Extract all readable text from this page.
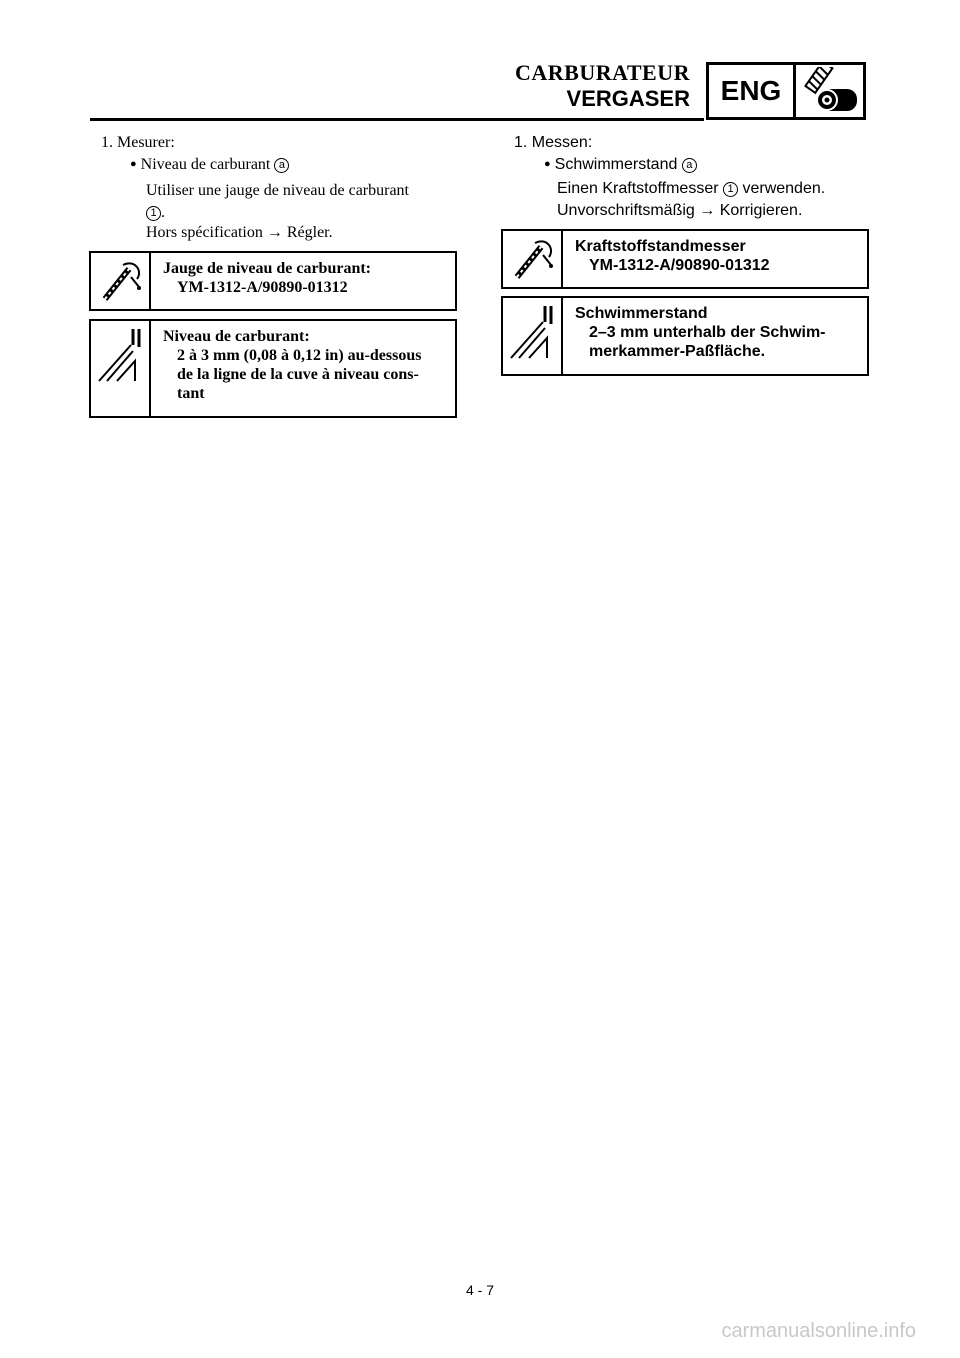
CARBURATEUR
VERGASER	ENG
1. Mesurer:
● Niveau de carburant a
Utiliser une jauge de niveau de carburant
1 .
Hors spécification → Régler.
Jauge de niveau de carburant:
YM-1312-A/90890-01312
Niveau de carburant:
2 à 3 mm (0,08 à 0,12 in) au-dessous
de la ligne de la cuve à niveau cons-
tant
1. Messen:
● Schwimmerstand a
Einen Kraftstoffmesser 1 verwenden.
Unvorschriftsmäßig → Korrigieren.
Kraftstoffstandmesser
YM-1312-A/90890-01312
Schwimmerstand
2–3 mm unterhalb der Schwim-
merkammer-Paßfläche.
4 - 7
carmanualsonline.info
